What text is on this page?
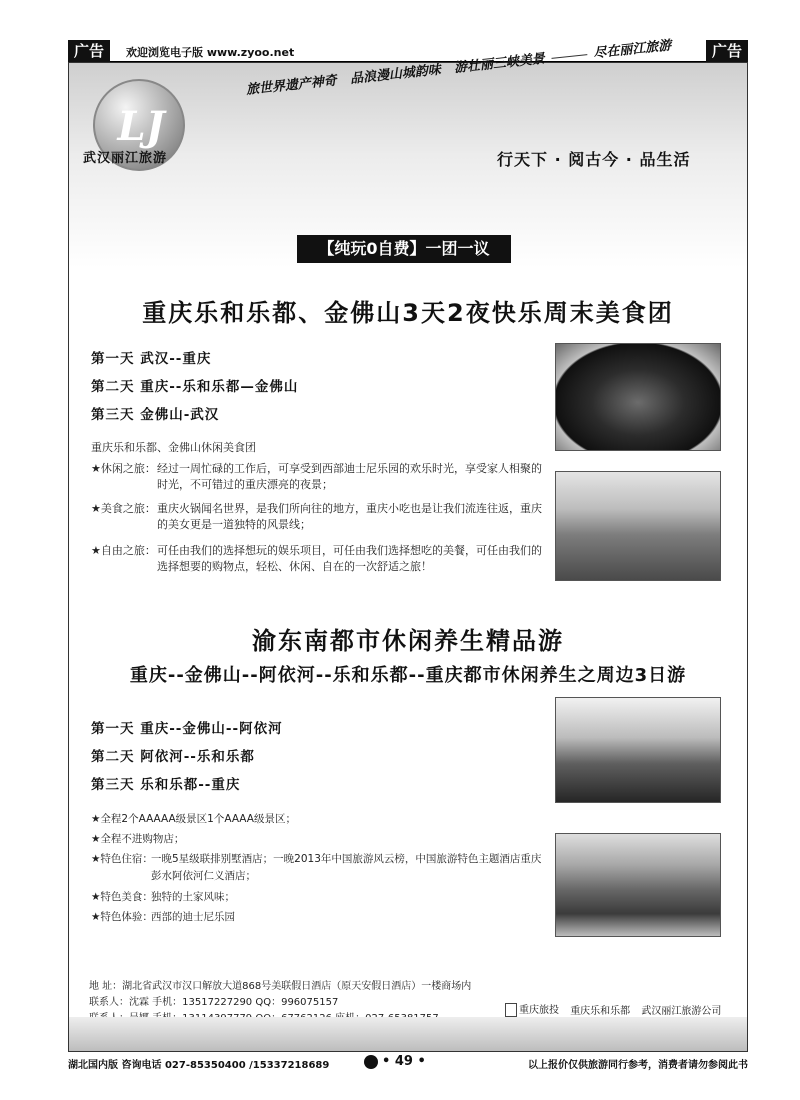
广告	欢迎浏览电子版 www.zyoo.net	广告
LJ
武汉丽江旅游
旅世界遗产神奇 品浪漫山城韵味 游壮丽三峡美景  尽在丽江旅游
行天下 · 阅古今 · 品生活
【纯玩0自费】一团一议
重庆乐和乐都、金佛山3天2夜快乐周末美食团
第一天 武汉--重庆
第二天 重庆--乐和乐都—金佛山
第三天 金佛山-武汉
重庆乐和乐都、金佛山休闲美食团
★休闲之旅： 经过一周忙碌的工作后，可享受到西部迪士尼乐园的欢乐时光，享受家人相聚的时光，不可错过的重庆漂亮的夜景；
★美食之旅： 重庆火锅闻名世界，是我们所向往的地方，重庆小吃也是让我们流连往返，重庆的美女更是一道独特的风景线；
★自由之旅： 可任由我们的选择想玩的娱乐项目，可任由我们选择想吃的美餐，可任由我们的选择想要的购物点，轻松、休闲、自在的一次舒适之旅！
渝东南都市休闲养生精品游
重庆--金佛山--阿依河--乐和乐都--重庆都市休闲养生之周边3日游
第一天 重庆--金佛山--阿依河
第二天 阿依河--乐和乐都
第三天 乐和乐都--重庆
★全程2个AAAAA级景区1个AAAA级景区；
★全程不进购物店；
★特色住宿：
一晚5星级联排别墅酒店；一晚2013年中国旅游风云榜，中国旅游特色主题酒店重庆彭水阿依河仁义酒店；
★特色美食：
独特的土家风味；
★特色体验：
西部的迪士尼乐园
地 址：湖北省武汉市汉口解放大道868号美联假日酒店（原天安假日酒店）一楼商场内
联系人：沈霖 手机：13517227290 QQ：996075157
重庆旅投 重庆乐和乐都 武汉丽江旅游公司
湖北国内版 咨询电话 027-85350400 /15337218689	• 49 •	以上报价仅供旅游同行参考，消费者请勿参阅此书
